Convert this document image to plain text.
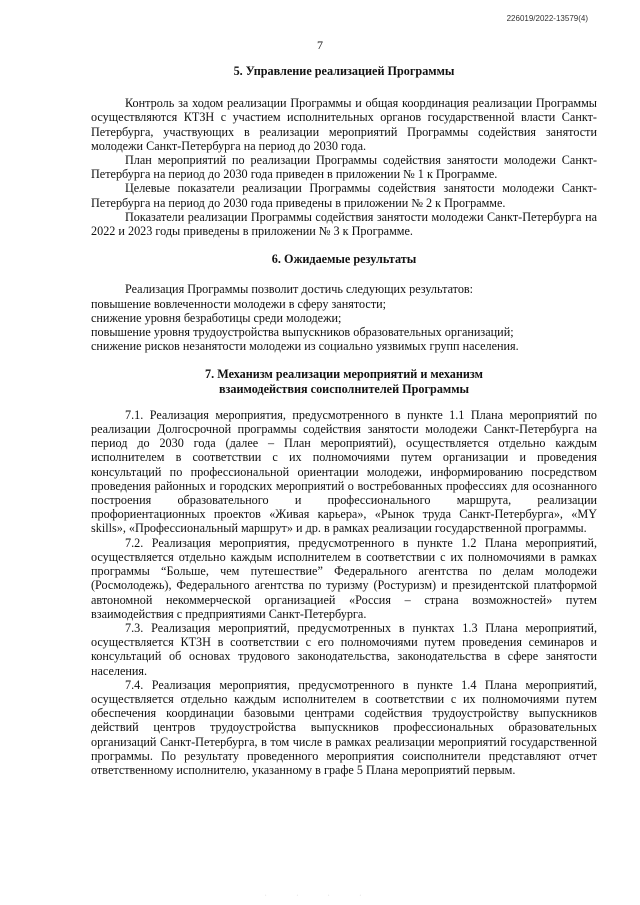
226019/2022-13579(4)
7
5. Управление реализацией Программы

Контроль за ходом реализации Программы и общая координация реализации Программы осуществляются КТЗН с участием исполнительных органов государственной власти Санкт-Петербурга, участвующих в реализации мероприятий Программы содействия занятости молодежи Санкт-Петербурга на период до 2030 года.

План мероприятий по реализации Программы содействия занятости молодежи Санкт-Петербурга на период до 2030 года приведен в приложении № 1 к Программе.

Целевые показатели реализации Программы содействия занятости молодежи Санкт-Петербурга на период до 2030 года приведены в приложении № 2 к Программе.

Показатели реализации Программы содействия занятости молодежи Санкт-Петербурга на 2022 и 2023 годы приведены в приложении № 3 к Программе.

6. Ожидаемые результаты

Реализация Программы позволит достичь следующих результатов:

повышение вовлеченности молодежи в сферу занятости;

снижение уровня безработицы среди молодежи;

повышение уровня трудоустройства выпускников образовательных организаций;

снижение рисков незанятости молодежи из социально уязвимых групп населения.

7. Механизм реализации мероприятий и механизм
взаимодействия соисполнителей Программы

7.1. Реализация мероприятия, предусмотренного в пункте 1.1 Плана мероприятий по реализации Долгосрочной программы содействия занятости молодежи Санкт-Петербурга на период до 2030 года (далее – План мероприятий), осуществляется отдельно каждым исполнителем в соответствии с их полномочиями путем организации и проведения консультаций по профессиональной ориентации молодежи, информированию посредством проведения районных и городских мероприятий о востребованных профессиях для осознанного построения образовательного и профессионального маршрута, реализации профориентационных проектов «Живая карьера», «Рынок труда Санкт-Петербурга», «MY skills», «Профессиональный маршрут» и др. в рамках реализации государственной программы.

7.2. Реализация мероприятия, предусмотренного в пункте 1.2 Плана мероприятий, осуществляется отдельно каждым исполнителем в соответствии с их полномочиями в рамках программы “Больше, чем путешествие” Федерального агентства по делам молодежи (Росмолодежь), Федерального агентства по туризму (Ростуризм) и президентской платформой автономной некоммерческой организацией «Россия – страна возможностей» путем взаимодействия с предприятиями Санкт-Петербурга.

7.3. Реализация мероприятий, предусмотренных в пунктах 1.3 Плана мероприятий, осуществляется КТЗН в соответствии с его полномочиями путем проведения семинаров и консультаций об основах трудового законодательства, законодательства в сфере занятости населения.

7.4. Реализация мероприятия, предусмотренного в пункте 1.4 Плана мероприятий, осуществляется отдельно каждым исполнителем в соответствии с их полномочиями путем обеспечения координации базовыми центрами содействия трудоустройству выпускников действий центров трудоустройства выпускников профессиональных образовательных организаций Санкт-Петербурга, в том числе в рамках реализации мероприятий государственной программы. По результату проведенного мероприятия соисполнители представляют отчет ответственному исполнителю, указанному в графе 5 Плана мероприятий первым.

· · · ·
